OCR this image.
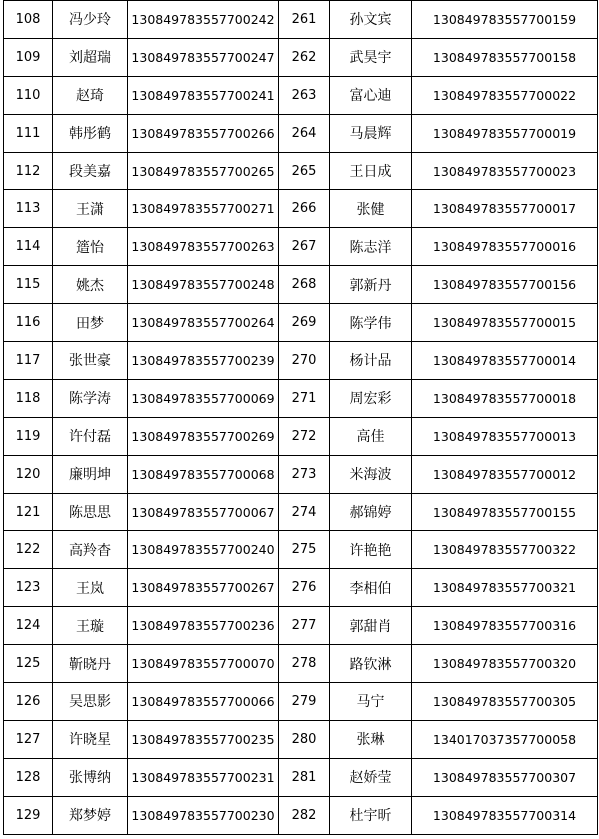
108	冯少玲	130849783557700242	261	孙文宾	130849783557700159
109	刘超瑞	130849783557700247	262	武昊宇	130849783557700158
110	赵琦	130849783557700241	263	富心迪	130849783557700022
111	韩彤鹤	130849783557700266	264	马晨辉	130849783557700019
112	段美嘉	130849783557700265	265	王日成	130849783557700023
113	王潇	130849783557700271	266	张健	130849783557700017
114	簉怡	130849783557700263	267	陈志洋	130849783557700016
115	姚杰	130849783557700248	268	郭新丹	130849783557700156
116	田梦	130849783557700264	269	陈学伟	130849783557700015
117	张世豪	130849783557700239	270	杨计品	130849783557700014
118	陈学涛	130849783557700069	271	周宏彩	130849783557700018
119	许付磊	130849783557700269	272	高佳	130849783557700013
120	廉明坤	130849783557700068	273	米海波	130849783557700012
121	陈思思	130849783557700067	274	郝锦婷	130849783557700155
122	高羚杳	130849783557700240	275	许艳艳	130849783557700322
123	王岚	130849783557700267	276	李相伯	130849783557700321
124	王璇	130849783557700236	277	郭甜肖	130849783557700316
125	靳晓丹	130849783557700070	278	路钦淋	130849783557700320
126	吴思影	130849783557700066	279	马宁	130849783557700305
127	许晓星	130849783557700235	280	张琳	134017037357700058
128	张博纳	130849783557700231	281	赵娇莹	130849783557700307
129	郑梦婷	130849783557700230	282	杜宇昕	130849783557700314
